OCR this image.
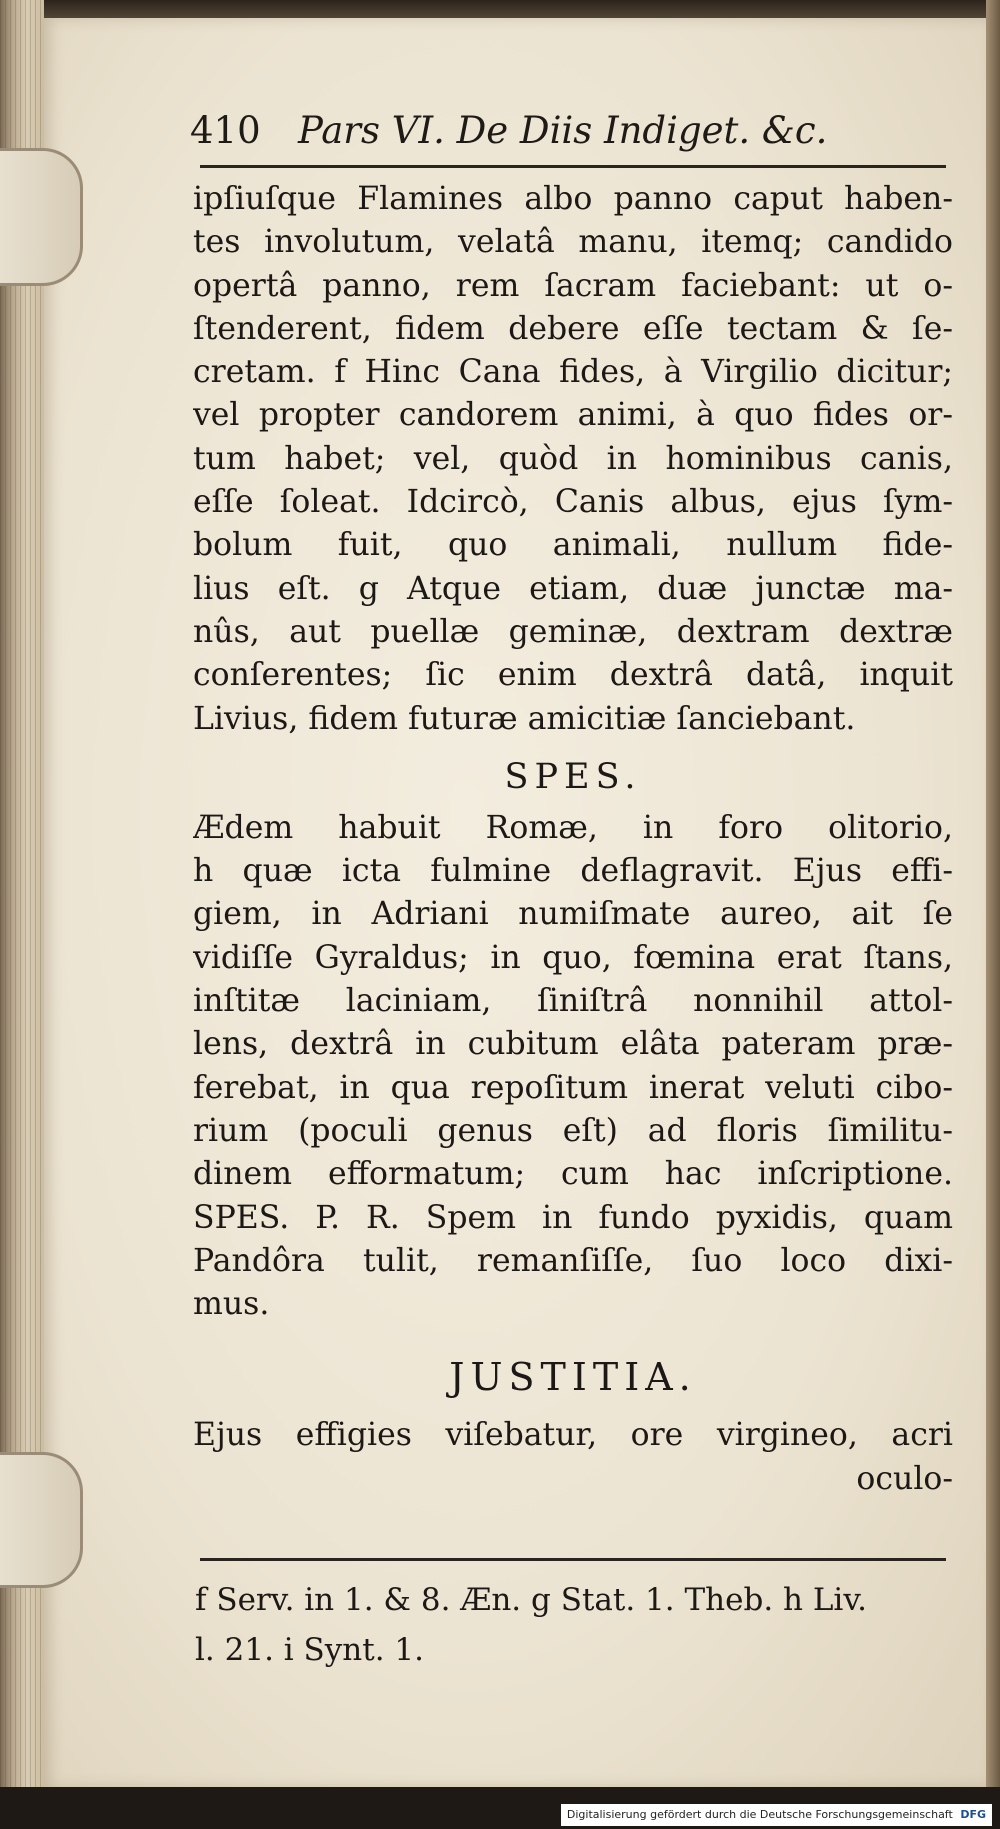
410 Pars VI. De Diis Indiget. &c.
ipſiuſque Flamines albo panno caput haben-
tes involutum, velatâ manu, itemq; candido
opertâ panno, rem ſacram faciebant: ut o-
ſtenderent, fidem debere eſſe tectam & ſe-
cretam. f Hinc Cana fides, à Virgilio dicitur;
vel propter candorem animi, à quo fides or-
tum habet; vel, quòd in hominibus canis,
eſſe ſoleat. Idcircò, Canis albus, ejus ſym-
bolum fuit, quo animali, nullum fide-
lius eſt. g Atque etiam, duæ junctæ ma-
nûs, aut puellæ geminæ, dextram dextræ
conſerentes; ſic enim dextrâ datâ, inquit
Livius, fidem futuræ amicitiæ ſanciebant.
SPES.
Ædem habuit Romæ, in foro olitorio,
h quæ icta fulmine deflagravit. Ejus effi-
giem, in Adriani numiſmate aureo, ait ſe
vidiſſe Gyraldus; in quo, fœmina erat ſtans,
inſtitæ laciniam, ſiniſtrâ nonnihil attol-
lens, dextrâ in cubitum elâta pateram præ-
ferebat, in qua repoſitum inerat veluti cibo-
rium (poculi genus eſt) ad floris ſimilitu-
dinem efformatum; cum hac inſcriptione.
SPES. P. R. Spem in fundo pyxidis, quam
Pandôra tulit, remanſiſſe, ſuo loco dixi-
mus.
JUSTITIA.
Ejus effigies viſebatur, ore virgineo, acri
oculo-
f Serv. in 1. & 8. Æn. g Stat. 1. Theb. h Liv.
l. 21. i Synt. 1.
Digitalisierung gefördert durch die Deutsche Forschungsgemeinschaft DFG
